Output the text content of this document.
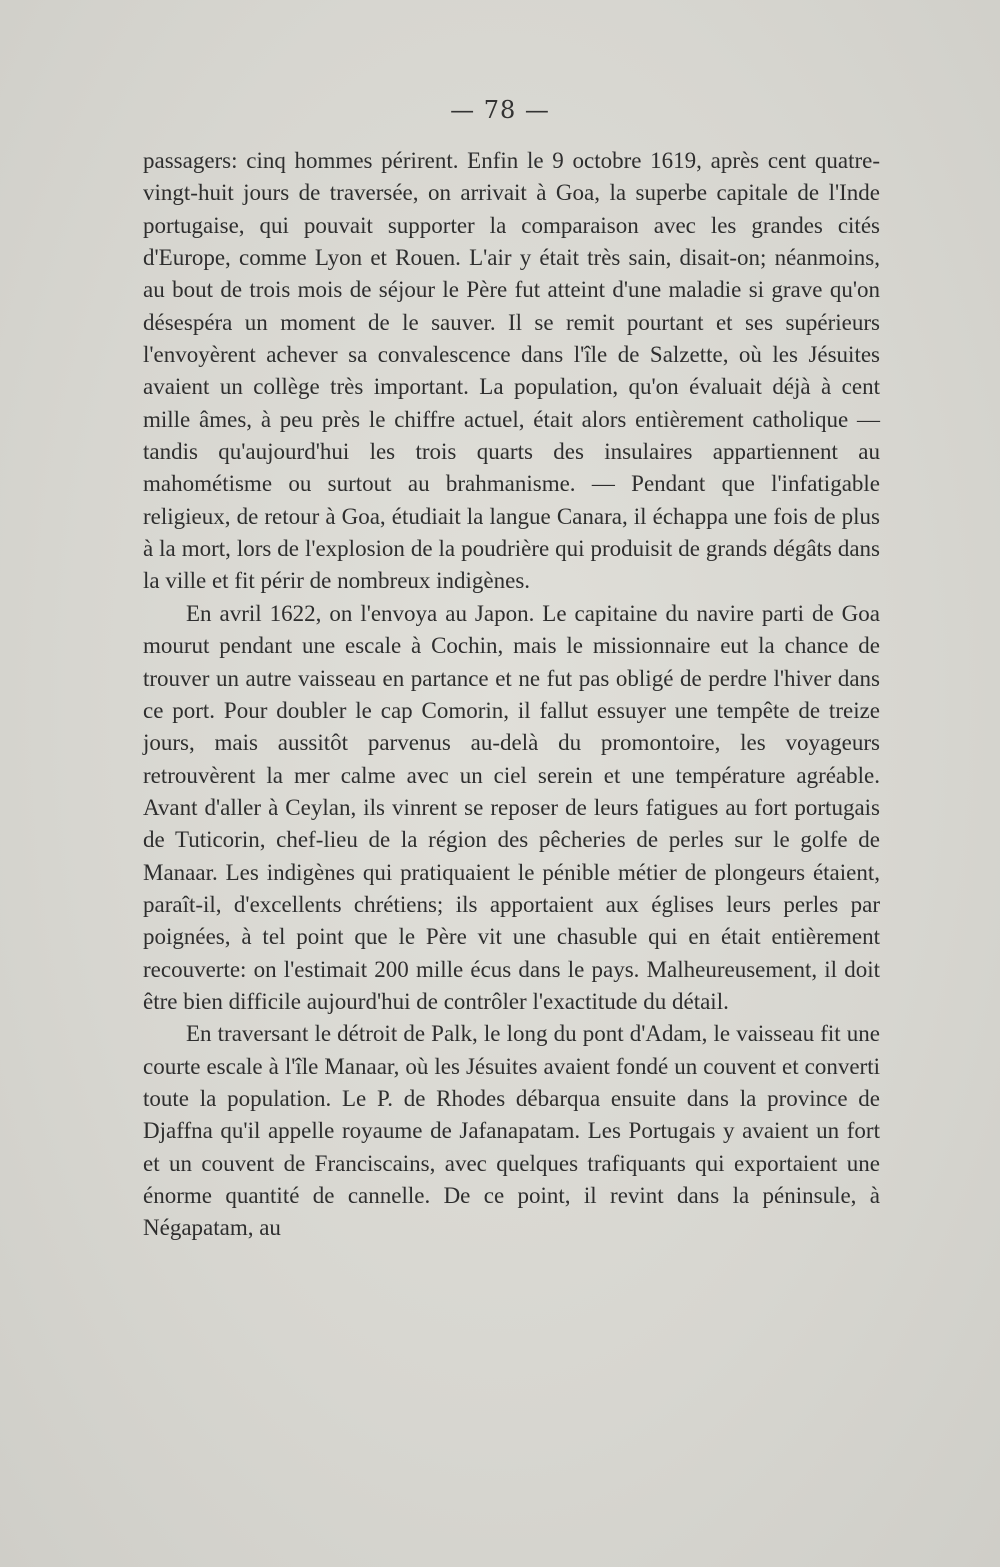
— 78 —

passagers: cinq hommes périrent. Enfin le 9 octobre 1619, après cent quatre-vingt-huit jours de traversée, on arrivait à Goa, la superbe capitale de l'Inde portugaise, qui pouvait supporter la comparaison avec les grandes cités d'Europe, comme Lyon et Rouen. L'air y était très sain, disait-on; néanmoins, au bout de trois mois de séjour le Père fut atteint d'une maladie si grave qu'on désespéra un moment de le sauver. Il se remit pourtant et ses supérieurs l'envoyèrent achever sa convalescence dans l'île de Salzette, où les Jésuites avaient un collège très important. La population, qu'on évaluait déjà à cent mille âmes, à peu près le chiffre actuel, était alors entièrement catholique — tandis qu'aujourd'hui les trois quarts des insulaires appartiennent au mahométisme ou surtout au brahmanisme. — Pendant que l'infatigable religieux, de retour à Goa, étudiait la langue Canara, il échappa une fois de plus à la mort, lors de l'explosion de la poudrière qui produisit de grands dégâts dans la ville et fit périr de nombreux indigènes.

En avril 1622, on l'envoya au Japon. Le capitaine du navire parti de Goa mourut pendant une escale à Cochin, mais le missionnaire eut la chance de trouver un autre vaisseau en partance et ne fut pas obligé de perdre l'hiver dans ce port. Pour doubler le cap Comorin, il fallut essuyer une tempête de treize jours, mais aussitôt parvenus au-delà du promontoire, les voyageurs retrouvèrent la mer calme avec un ciel serein et une température agréable. Avant d'aller à Ceylan, ils vinrent se reposer de leurs fatigues au fort portugais de Tuticorin, chef-lieu de la région des pêcheries de perles sur le golfe de Manaar. Les indigènes qui pratiquaient le pénible métier de plongeurs étaient, paraît-il, d'excellents chrétiens; ils apportaient aux églises leurs perles par poignées, à tel point que le Père vit une chasuble qui en était entièrement recouverte: on l'estimait 200 mille écus dans le pays. Malheureusement, il doit être bien difficile aujourd'hui de contrôler l'exactitude du détail.

En traversant le détroit de Palk, le long du pont d'Adam, le vaisseau fit une courte escale à l'île Manaar, où les Jésuites avaient fondé un couvent et converti toute la population. Le P. de Rhodes débarqua ensuite dans la province de Djaffna qu'il appelle royaume de Jafanapatam. Les Portugais y avaient un fort et un couvent de Franciscains, avec quelques trafiquants qui exportaient une énorme quantité de cannelle. De ce point, il revint dans la péninsule, à Négapatam, au
